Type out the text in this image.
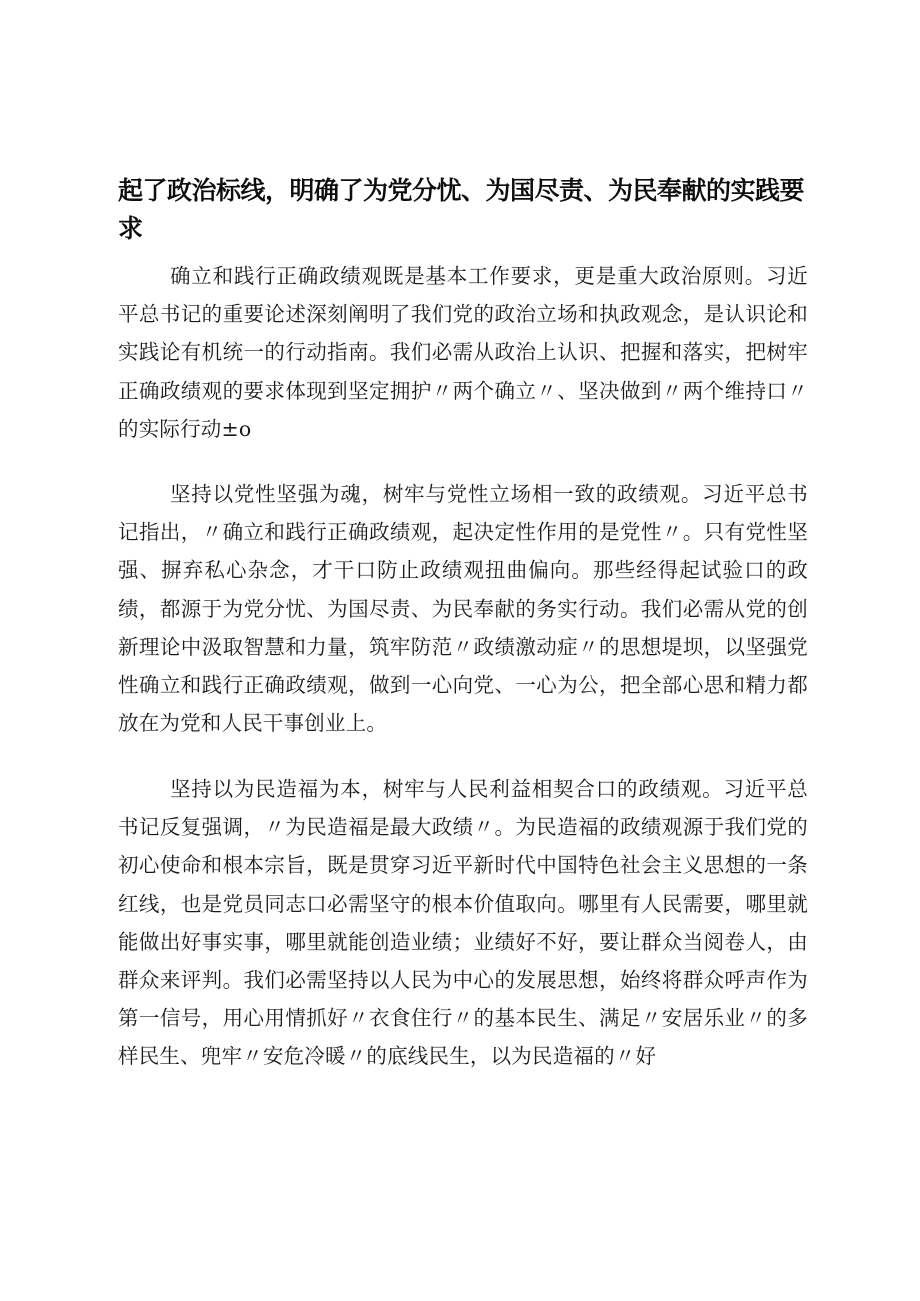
起了政治标线，明确了为党分忧、为国尽责、为民奉献的实践要求

确立和践行正确政绩观既是基本工作要求，更是重大政治原则。习近平总书记的重要论述深刻阐明了我们党的政治立场和执政观念，是认识论和实践论有机统一的行动指南。我们必需从政治上认识、把握和落实，把树牢正确政绩观的要求体现到坚定拥护〃两个确立〃、坚决做到〃两个维持口〃的实际行动±o

坚持以党性坚强为魂，树牢与党性立场相一致的政绩观。习近平总书记指出，〃确立和践行正确政绩观，起决定性作用的是党性〃。只有党性坚强、摒弃私心杂念，才干口防止政绩观扭曲偏向。那些经得起试验口的政绩，都源于为党分忧、为国尽责、为民奉献的务实行动。我们必需从党的创新理论中汲取智慧和力量，筑牢防范〃政绩激动症〃的思想堤坝，以坚强党性确立和践行正确政绩观，做到一心向党、一心为公，把全部心思和精力都放在为党和人民干事创业上。

坚持以为民造福为本，树牢与人民利益相契合口的政绩观。习近平总书记反复强调，〃为民造福是最大政绩〃。为民造福的政绩观源于我们党的初心使命和根本宗旨，既是贯穿习近平新时代中国特色社会主义思想的一条红线，也是党员同志口必需坚守的根本价值取向。哪里有人民需要，哪里就能做出好事实事，哪里就能创造业绩；业绩好不好，要让群众当阅卷人，由群众来评判。我们必需坚持以人民为中心的发展思想，始终将群众呼声作为第一信号，用心用情抓好〃衣食住行〃的基本民生、满足〃安居乐业〃的多样民生、兜牢〃安危冷暖〃的底线民生，以为民造福的〃好
